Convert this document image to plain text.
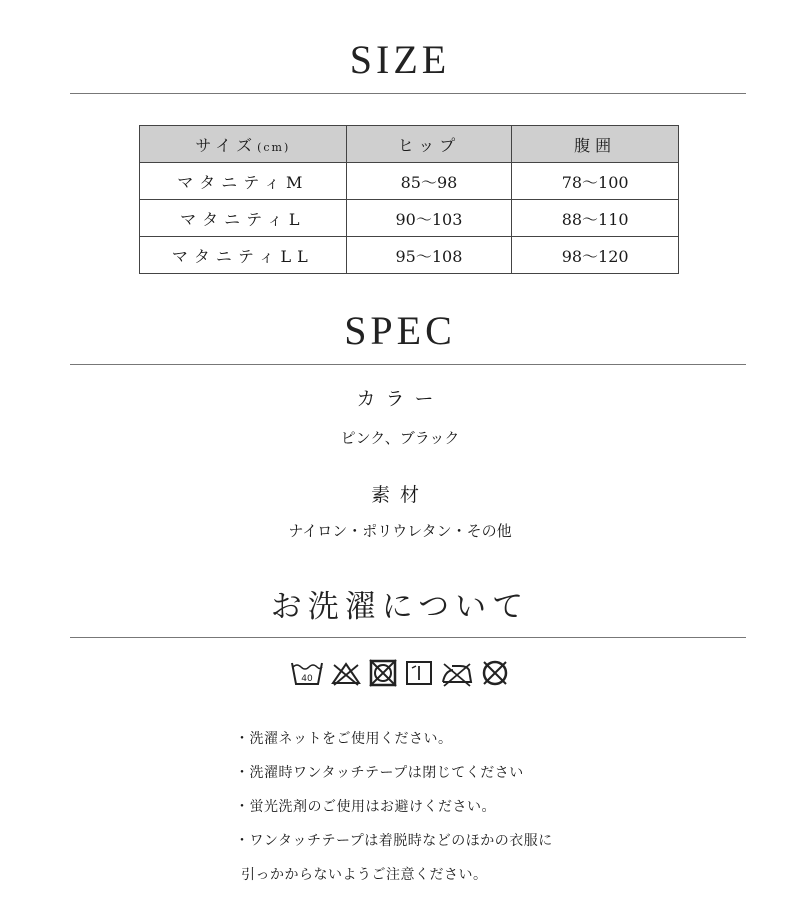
SIZE
サイズ(cm)	ヒップ	腹囲
マタニティM	85～98	78～100
マタニティL	90～103	88～110
マタニティLL	95～108	98～120
SPEC
カラー
ピンク、ブラック
素材
ナイロン・ポリウレタン・その他
お洗濯について
40
・洗濯ネットをご使用ください。
・洗濯時ワンタッチテープは閉じてください
・蛍光洗剤のご使用はお避けください。
・ワンタッチテープは着脱時などのほかの衣服に
引っかからないようご注意ください。
